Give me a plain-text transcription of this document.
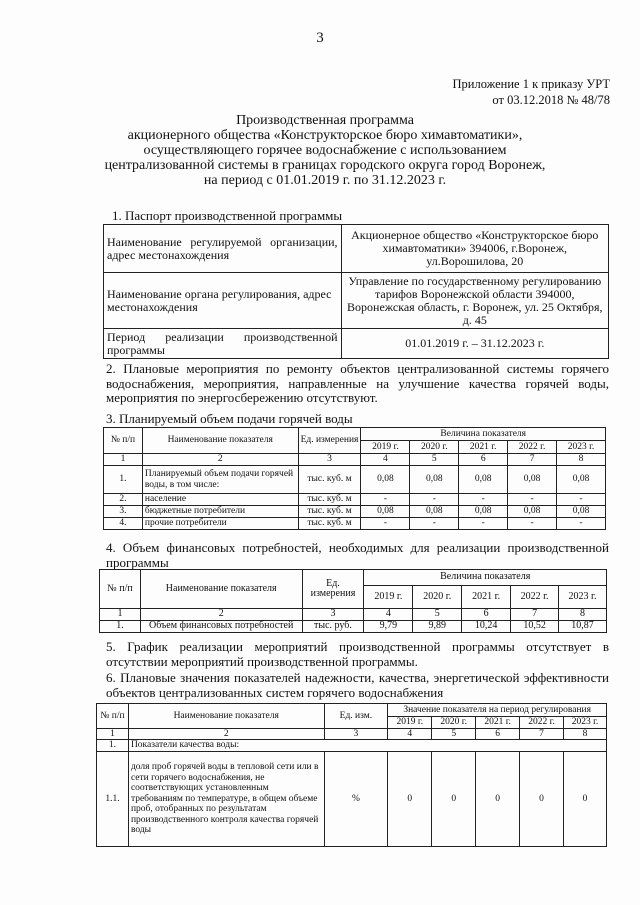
3
Приложение 1 к приказу УРТ
от 03.12.2018 № 48/78
Производственная программа
акционерного общества «Конструкторское бюро химавтоматики»,
осуществляющего горячее водоснабжение с использованием
централизованной системы в границах городского округа город Воронеж,
на период с 01.01.2019 г. по 31.12.2023 г.
1. Паспорт производственной программы
Наименование регулируемой организации, адрес местонахождения	Акционерное общество «Конструкторское бюро химавтоматики» 394006, г.Воронеж, ул.Ворошилова, 20
Наименование органа регулирования, адрес местонахождения	Управление по государственному регулированию тарифов Воронежской области 394000, Воронежская область, г. Воронеж, ул. 25 Октября, д. 45
Период реализации производственной программы	01.01.2019 г. – 31.12.2023 г.
2. Плановые мероприятия по ремонту объектов централизованной системы горячего водоснабжения, мероприятия, направленные на улучшение качества горячей воды, мероприятия по энергосбережению отсутствуют.
3. Планируемый объем подачи горячей воды
№ п/п	Наименование показателя	Ед. измерения	Величина показателя				
			2019 г.	2020 г.	2021 г.	2022 г.	2023 г.
1	2	3	4	5	6	7	8
1.	Планируемый объем подачи горячей воды, в том числе:	тыс. куб. м	0,08	0,08	0,08	0,08	0,08
2.	население	тыс. куб. м	-	-	-	-	-
3.	бюджетные потребители	тыс. куб. м	0,08	0,08	0,08	0,08	0,08
4.	прочие потребители	тыс. куб. м	-	-	-	-	-
4. Объем финансовых потребностей, необходимых для реализации производственной программы
№ п/п	Наименование показателя	Ед. измерения	Величина показателя				
			2019 г.	2020 г.	2021 г.	2022 г.	2023 г.
1	2	3	4	5	6	7	8
1.	Объем финансовых потребностей	тыс. руб.	9,79	9,89	10,24	10,52	10,87
5. График реализации мероприятий производственной программы отсутствует в отсутствии мероприятий производственной программы.
6. Плановые значения показателей надежности, качества, энергетической эффективности объектов централизованных систем горячего водоснабжения
№ п/п	Наименование показателя	Ед. изм.	Значение показателя на период регулирования				
			2019 г.	2020 г.	2021 г.	2022 г.	2023 г.
1	2	3	4	5	6	7	8
1.	Показатели качества воды:						
1.1.	доля проб горячей воды в тепловой сети или в сети горячего водоснабжения, не соответствующих установленным требованиям по температуре, в общем объеме проб, отобранных по результатам производственного контроля качества горячей воды	%	0	0	0	0	0
